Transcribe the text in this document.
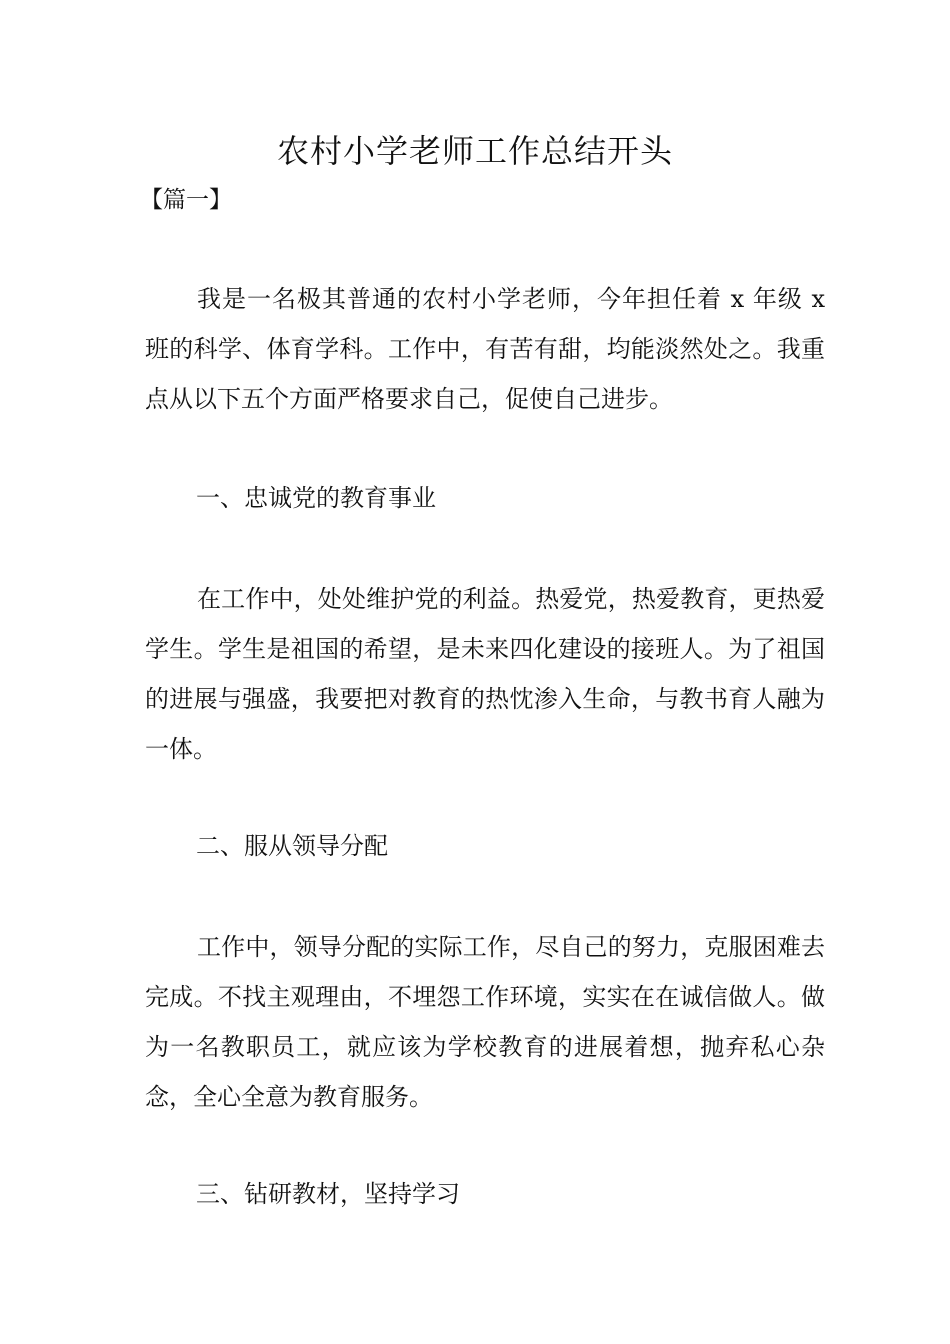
农村小学老师工作总结开头

【篇一】

我是一名极其普通的农村小学老师，今年担任着 x 年级 x 班的科学、体育学科。工作中，有苦有甜，均能淡然处之。我重点从以下五个方面严格要求自己，促使自己进步。

一、忠诚党的教育事业

在工作中，处处维护党的利益。热爱党，热爱教育，更热爱学生。学生是祖国的希望，是未来四化建设的接班人。为了祖国的进展与强盛，我要把对教育的热忱渗入生命，与教书育人融为一体。

二、服从领导分配

工作中，领导分配的实际工作，尽自己的努力，克服困难去完成。不找主观理由，不埋怨工作环境，实实在在诚信做人。做为一名教职员工，就应该为学校教育的进展着想，抛弃私心杂念，全心全意为教育服务。

三、钻研教材，坚持学习
